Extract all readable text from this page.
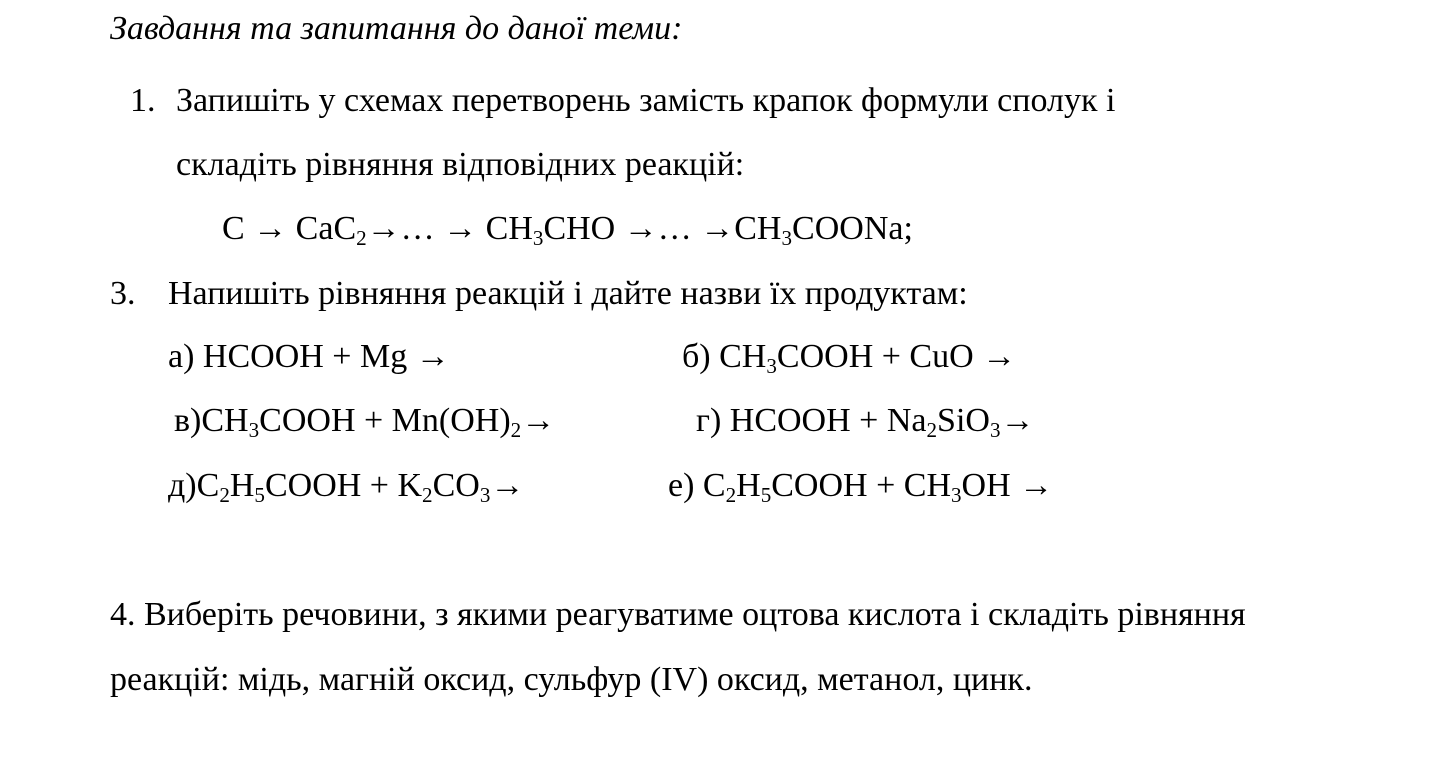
Завдання та запитання до даної теми:
1. Запишіть у схемах перетворень замість крапок формули сполук і
складіть рівняння відповідних реакцій:
C → CaC$_2$→… → $CH_3CHO$ →… $\to CH_3COONa$;
3. Напишіть рівняння реакцій і дайте назви їх продуктам:
а) HCOOH + Mg →	б) $CH_3COOH$ + CuO →
$в)CH_3COOH + Mn(OH)_2\to$	г) HCOOH + $Na_2SiO_3\to$
$д)C_2H_5COOH + K_2CO_3\to$	е) $C_2H_5COOH + CH_3OH$ →
4. Виберіть речовини, з якими реагуватиме оцтова кислота і складіть рівняння
реакцій: мідь, магній оксид, сульфур (IV) оксид, метанол, цинк.
